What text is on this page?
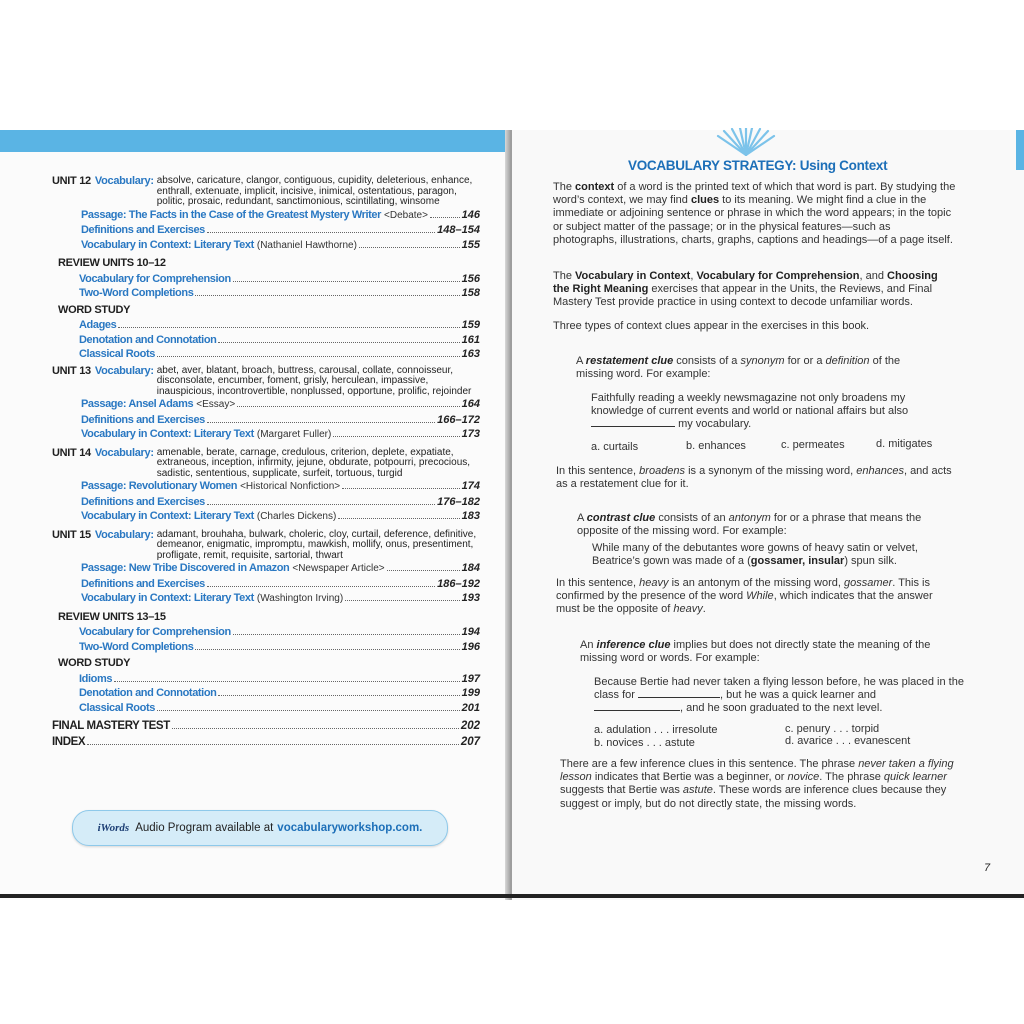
UNIT 12 Vocabulary: absolve, caricature, clangor, contiguous, cupidity, deleterious, enhance, enthrall, extenuate, implicit, incisive, inimical, ostentatious, paragon, politic, prosaic, redundant, sanctimonious, scintillating, winsome
Passage: The Facts in the Case of the Greatest Mystery Writer <Debate>	146
Definitions and Exercises	148–154
Vocabulary in Context: Literary Text (Nathaniel Hawthorne)	155
REVIEW UNITS 10–12
Vocabulary for Comprehension	156
Two-Word Completions	158
WORD STUDY
Adages	159
Denotation and Connotation	161
Classical Roots	163
UNIT 13 Vocabulary: abet, aver, blatant, broach, buttress, carousal, collate, connoisseur, disconsolate, encumber, foment, grisly, herculean, impassive, inauspicious, incontrovertible, nonplussed, opportune, prolific, rejoinder
Passage: Ansel Adams <Essay>	164
Definitions and Exercises	166–172
Vocabulary in Context: Literary Text (Margaret Fuller)	173
UNIT 14 Vocabulary: amenable, berate, carnage, credulous, criterion, deplete, expatiate, extraneous, inception, infirmity, jejune, obdurate, potpourri, precocious, sadistic, sententious, supplicate, surfeit, tortuous, turgid
Passage: Revolutionary Women <Historical Nonfiction>	174
Definitions and Exercises	176–182
Vocabulary in Context: Literary Text (Charles Dickens)	183
UNIT 15 Vocabulary: adamant, brouhaha, bulwark, choleric, cloy, curtail, deference, definitive, demeanor, enigmatic, impromptu, mawkish, mollify, onus, presentiment, profligate, remit, requisite, sartorial, thwart
Passage: New Tribe Discovered in Amazon <Newspaper Article>	184
Definitions and Exercises	186–192
Vocabulary in Context: Literary Text (Washington Irving)	193
REVIEW UNITS 13–15
Vocabulary for Comprehension	194
Two-Word Completions	196
WORD STUDY
Idioms	197
Denotation and Connotation	199
Classical Roots	201
FINAL MASTERY TEST	202
INDEX	207
iWords Audio Program available at vocabularyworkshop.com.
VOCABULARY STRATEGY: Using Context
The context of a word is the printed text of which that word is part. By studying the word’s context, we may find clues to its meaning. We might find a clue in the immediate or adjoining sentence or phrase in which the word appears; in the topic or subject matter of the passage; or in the physical features—such as photographs, illustrations, charts, graphs, captions and headings—of a page itself.
The Vocabulary in Context, Vocabulary for Comprehension, and Choosing the Right Meaning exercises that appear in the Units, the Reviews, and Final Mastery Test provide practice in using context to decode unfamiliar words.
Three types of context clues appear in the exercises in this book.
A restatement clue consists of a synonym for or a definition of the missing word. For example:
Faithfully reading a weekly newsmagazine not only broadens my knowledge of current events and world or national affairs but also
my vocabulary.
a. curtails	b. enhances	c. permeates	d. mitigates
In this sentence, broadens is a synonym of the missing word, enhances, and acts as a restatement clue for it.
A contrast clue consists of an antonym for or a phrase that means the opposite of the missing word. For example:
While many of the debutantes wore gowns of heavy satin or velvet, Beatrice’s gown was made of a (gossamer, insular) spun silk.
In this sentence, heavy is an antonym of the missing word, gossamer. This is confirmed by the presence of the word While, which indicates that the answer must be the opposite of heavy.
An inference clue implies but does not directly state the meaning of the missing word or words. For example:
Because Bertie had never taken a flying lesson before, he was placed in the class for	, but he was a quick learner and
, and he soon graduated to the next level.
a. adulation . . . irresolute	c. penury . . . torpid
b. novices . . . astute	d. avarice . . . evanescent
There are a few inference clues in this sentence. The phrase never taken a flying lesson indicates that Bertie was a beginner, or novice. The phrase quick learner suggests that Bertie was astute. These words are inference clues because they suggest or imply, but do not directly state, the missing words.
7
